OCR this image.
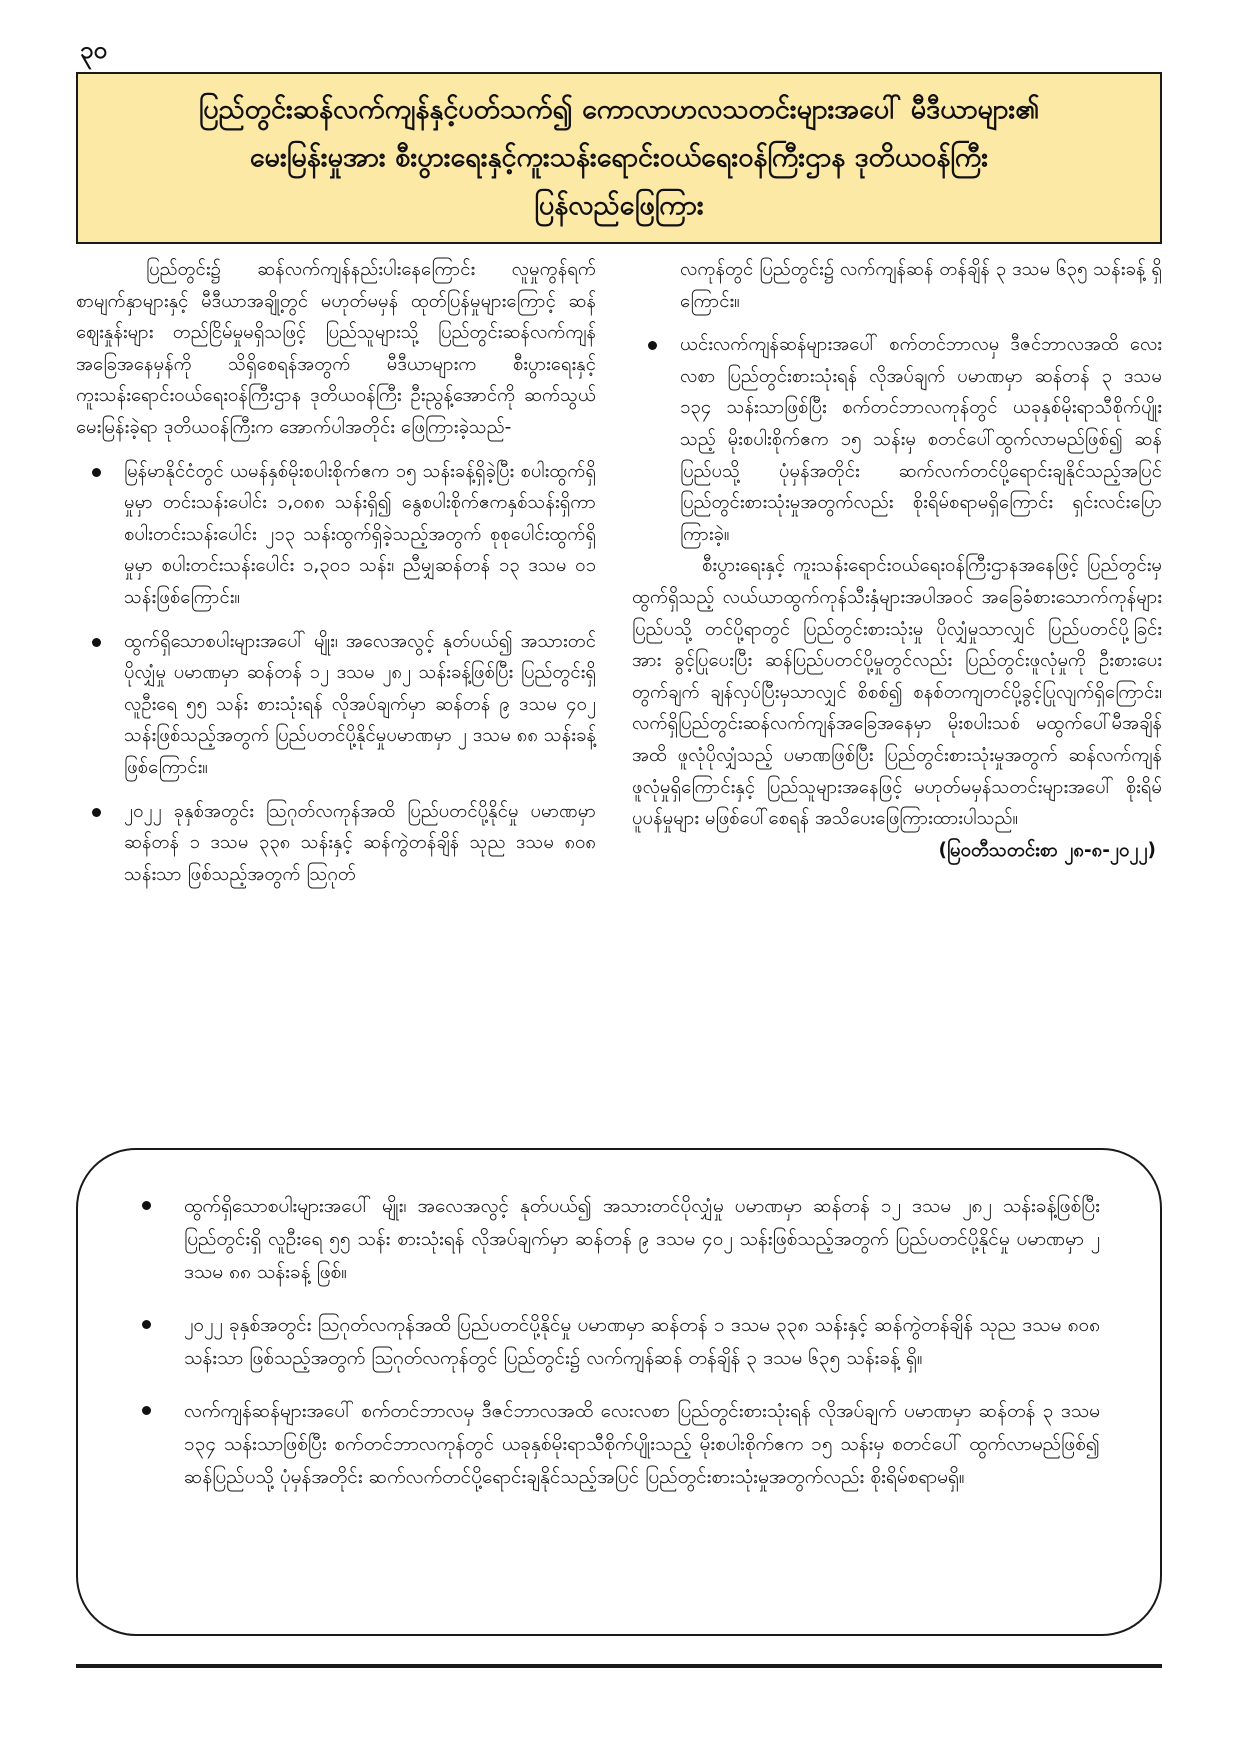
၃၀
ပြည်တွင်းဆန်လက်ကျန်နှင့်ပတ်သက်၍ ကောလာဟလသတင်းများအပေါ် မီဒီယာများ၏
မေးမြန်းမှုအား စီးပွားရေးနှင့်ကူးသန်းရောင်းဝယ်ရေးဝန်ကြီးဌာန ဒုတိယဝန်ကြီး
ပြန်လည်ဖြေကြား

ပြည်တွင်း၌ ဆန်လက်ကျန်နည်းပါးနေကြောင်း လူမှုကွန်ရက်စာမျက်နှာများနှင့် မီဒီယာအချို့တွင် မဟုတ်မမှန် ထုတ်ပြန်မှုများကြောင့် ဆန်ဈေးနှုန်းများ တည်ငြိမ်မှုမရှိသဖြင့် ပြည်သူများသို့ ပြည်တွင်းဆန်လက်ကျန် အခြေအနေမှန်ကို သိရှိစေရန်အတွက် မီဒီယာများက စီးပွားရေးနှင့် ကူးသန်းရောင်းဝယ်ရေးဝန်ကြီးဌာန ဒုတိယဝန်ကြီး ဦးညွန့်အောင်ကို ဆက်သွယ်မေးမြန်းခဲ့ရာ ဒုတိယဝန်ကြီးက အောက်ပါအတိုင်း ဖြေကြားခဲ့သည်-

မြန်မာနိုင်ငံတွင် ယမန်နှစ်မိုးစပါးစိုက်ဧက ၁၅ သန်းခန့်ရှိခဲ့ပြီး စပါးထွက်ရှိမှုမှာ တင်းသန်းပေါင်း ၁,၀၈၈ သန်းရှိ၍ နွေစပါးစိုက်ဧကနှစ်သန်းရှိကာ စပါးတင်းသန်းပေါင်း ၂၁၃ သန်းထွက်ရှိခဲ့သည့်အတွက် စုစုပေါင်းထွက်ရှိမှုမှာ စပါးတင်းသန်းပေါင်း ၁,၃၀၁ သန်း၊ ညီမျှဆန်တန် ၁၃ ဒသမ ၀၁ သန်းဖြစ်ကြောင်း။
ထွက်ရှိသောစပါးများအပေါ် မျိုး၊ အလေအလွင့် နုတ်ပယ်၍ အသားတင်ပိုလျှံမှု ပမာဏမှာ ဆန်တန် ၁၂ ဒသမ ၂၈၂ သန်းခန့်ဖြစ်ပြီး ပြည်တွင်းရှိ လူဦးရေ ၅၅ သန်း စားသုံးရန် လိုအပ်ချက်မှာ ဆန်တန် ၉ ဒသမ ၄၀၂ သန်းဖြစ်သည့်အတွက် ပြည်ပတင်ပို့နိုင်မှုပမာဏမှာ ၂ ဒသမ ၈၈ သန်းခန့် ဖြစ်ကြောင်း။
၂၀၂၂ ခုနှစ်အတွင်း ဩဂုတ်လကုန်အထိ ပြည်ပတင်ပို့နိုင်မှု ပမာဏမှာ ဆန်တန် ၁ ဒသမ ၃၃၈ သန်းနှင့် ဆန်ကွဲတန်ချိန် သုည ဒသမ ၈၀၈ သန်းသာ ဖြစ်သည့်အတွက် ဩဂုတ်

လကုန်တွင် ပြည်တွင်း၌ လက်ကျန်ဆန် တန်ချိန် ၃ ဒသမ ၆၃၅ သန်းခန့် ရှိ ကြောင်း။

ယင်းလက်ကျန်ဆန်များအပေါ် စက်တင်ဘာလမှ ဒီဇင်ဘာလအထိ လေးလစာ ပြည်တွင်းစားသုံးရန် လိုအပ်ချက် ပမာဏမှာ ဆန်တန် ၃ ဒသမ ၁၃၄ သန်းသာဖြစ်ပြီး စက်တင်ဘာလကုန်တွင် ယခုနှစ်မိုးရာသီစိုက်ပျိုးသည့် မိုးစပါးစိုက်ဧက ၁၅ သန်းမှ စတင်ပေါ်ထွက်လာမည်ဖြစ်၍ ဆန်ပြည်ပသို့ ပုံမှန်အတိုင်း ဆက်လက်တင်ပို့ရောင်းချနိုင်သည့်အပြင် ပြည်တွင်းစားသုံးမှုအတွက်လည်း စိုးရိမ်စရာမရှိကြောင်း ရှင်းလင်းပြောကြားခဲ့။

စီးပွားရေးနှင့် ကူးသန်းရောင်းဝယ်ရေးဝန်ကြီးဌာနအနေဖြင့် ပြည်တွင်းမှထွက်ရှိသည့် လယ်ယာထွက်ကုန်သီးနှံများအပါအဝင် အခြေခံစားသောက်ကုန်များပြည်ပသို့ တင်ပို့ရာတွင် ပြည်တွင်းစားသုံးမှု ပိုလျှံမှုသာလျှင် ပြည်ပတင်ပို့ခြင်းအား ခွင့်ပြုပေးပြီး ဆန်ပြည်ပတင်ပို့မှုတွင်လည်း ပြည်တွင်းဖူလုံမှုကို ဦးစားပေးတွက်ချက် ချန်လှပ်ပြီးမှသာလျှင် စိစစ်၍ စနစ်တကျတင်ပို့ခွင့်ပြုလျက်ရှိကြောင်း၊ လက်ရှိပြည်တွင်းဆန်လက်ကျန်အခြေအနေမှာ မိုးစပါးသစ် မထွက်ပေါ်မီအချိန်အထိ ဖူလုံပိုလျှံသည့် ပမာဏဖြစ်ပြီး ပြည်တွင်းစားသုံးမှုအတွက် ဆန်လက်ကျန် ဖူလုံမှုရှိကြောင်းနှင့် ပြည်သူများအနေဖြင့် မဟုတ်မမှန်သတင်းများအပေါ် စိုးရိမ်ပူပန်မှုများ မဖြစ်ပေါ်စေရန် အသိပေးဖြေကြားထားပါသည်။

(မြဝတီသတင်းစာ ၂၈-၈-၂၀၂၂)

ထွက်ရှိသောစပါးများအပေါ် မျိုး၊ အလေအလွင့် နုတ်ပယ်၍ အသားတင်ပိုလျှံမှု ပမာဏမှာ ဆန်တန် ၁၂ ဒသမ ၂၈၂ သန်းခန့်ဖြစ်ပြီး ပြည်တွင်းရှိ လူဦးရေ ၅၅ သန်း စားသုံးရန် လိုအပ်ချက်မှာ ဆန်တန် ၉ ဒသမ ၄၀၂ သန်းဖြစ်သည့်အတွက် ပြည်ပတင်ပို့နိုင်မှု ပမာဏမှာ ၂ ဒသမ ၈၈ သန်းခန့် ဖြစ်။
၂၀၂၂ ခုနှစ်အတွင်း ဩဂုတ်လကုန်အထိ ပြည်ပတင်ပို့နိုင်မှု ပမာဏမှာ ဆန်တန် ၁ ဒသမ ၃၃၈ သန်းနှင့် ဆန်ကွဲတန်ချိန် သုည ဒသမ ၈၀၈ သန်းသာ ဖြစ်သည့်အတွက် ဩဂုတ်လကုန်တွင် ပြည်တွင်း၌ လက်ကျန်ဆန် တန်ချိန် ၃ ဒသမ ၆၃၅ သန်းခန့် ရှိ။
လက်ကျန်ဆန်များအပေါ် စက်တင်ဘာလမှ ဒီဇင်ဘာလအထိ လေးလစာ ပြည်တွင်းစားသုံးရန် လိုအပ်ချက် ပမာဏမှာ ဆန်တန် ၃ ဒသမ ၁၃၄ သန်းသာဖြစ်ပြီး စက်တင်ဘာလကုန်တွင် ယခုနှစ်မိုးရာသီစိုက်ပျိုးသည့် မိုးစပါးစိုက်ဧက ၁၅ သန်းမှ စတင်ပေါ် ထွက်လာမည်ဖြစ်၍ ဆန်ပြည်ပသို့ ပုံမှန်အတိုင်း ဆက်လက်တင်ပို့ရောင်းချနိုင်သည့်အပြင် ပြည်တွင်းစားသုံးမှုအတွက်လည်း စိုးရိမ်စရာမရှိ။
